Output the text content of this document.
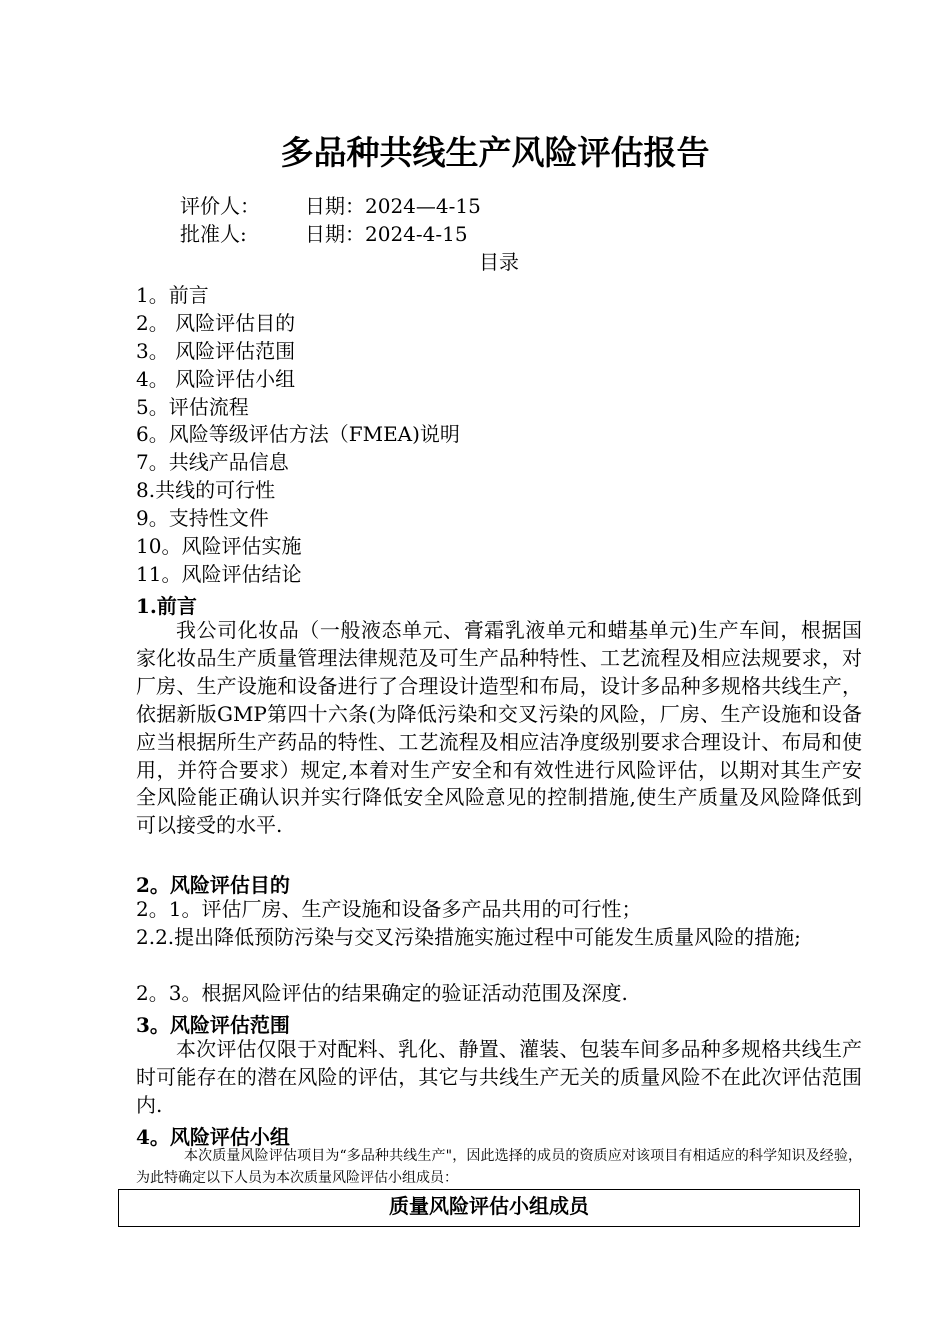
多品种共线生产风险评估报告
评价人： 日期：2024—4-15
批准人:	日期：2024-4-15
目录
1。前言
2。 风险评估目的
3。 风险评估范围
4。 风险评估小组
5。评估流程
6。风险等级评估方法（FMEA)说明
7。共线产品信息
8.共线的可行性
9。支持性文件
10。风险评估实施
11。风险评估结论
1.前言
我公司化妆品（一般液态单元、膏霜乳液单元和蜡基单元)生产车间，根据国家化妆品生产质量管理法律规范及可生产品种特性、工艺流程及相应法规要求，对厂房、生产设施和设备进行了合理设计造型和布局，设计多品种多规格共线生产，依据新版GMP第四十六条(为降低污染和交叉污染的风险，厂房、生产设施和设备应当根据所生产药品的特性、工艺流程及相应洁净度级别要求合理设计、布局和使用，并符合要求）规定,本着对生产安全和有效性进行风险评估，以期对其生产安全风险能正确认识并实行降低安全风险意见的控制措施,使生产质量及风险降低到可以接受的水平.
2。风险评估目的
2。1。评估厂房、生产设施和设备多产品共用的可行性；
2.2.提出降低预防污染与交叉污染措施实施过程中可能发生质量风险的措施;
2。3。根据风险评估的结果确定的验证活动范围及深度.
3。风险评估范围
本次评估仅限于对配料、乳化、静置、灌装、包装车间多品种多规格共线生产时可能存在的潜在风险的评估，其它与共线生产无关的质量风险不在此次评估范围内.
4。风险评估小组
本次质量风险评估项目为“多品种共线生产"，因此选择的成员的资质应对该项目有相适应的科学知识及经验，为此特确定以下人员为本次质量风险评估小组成员：
质量风险评估小组成员
